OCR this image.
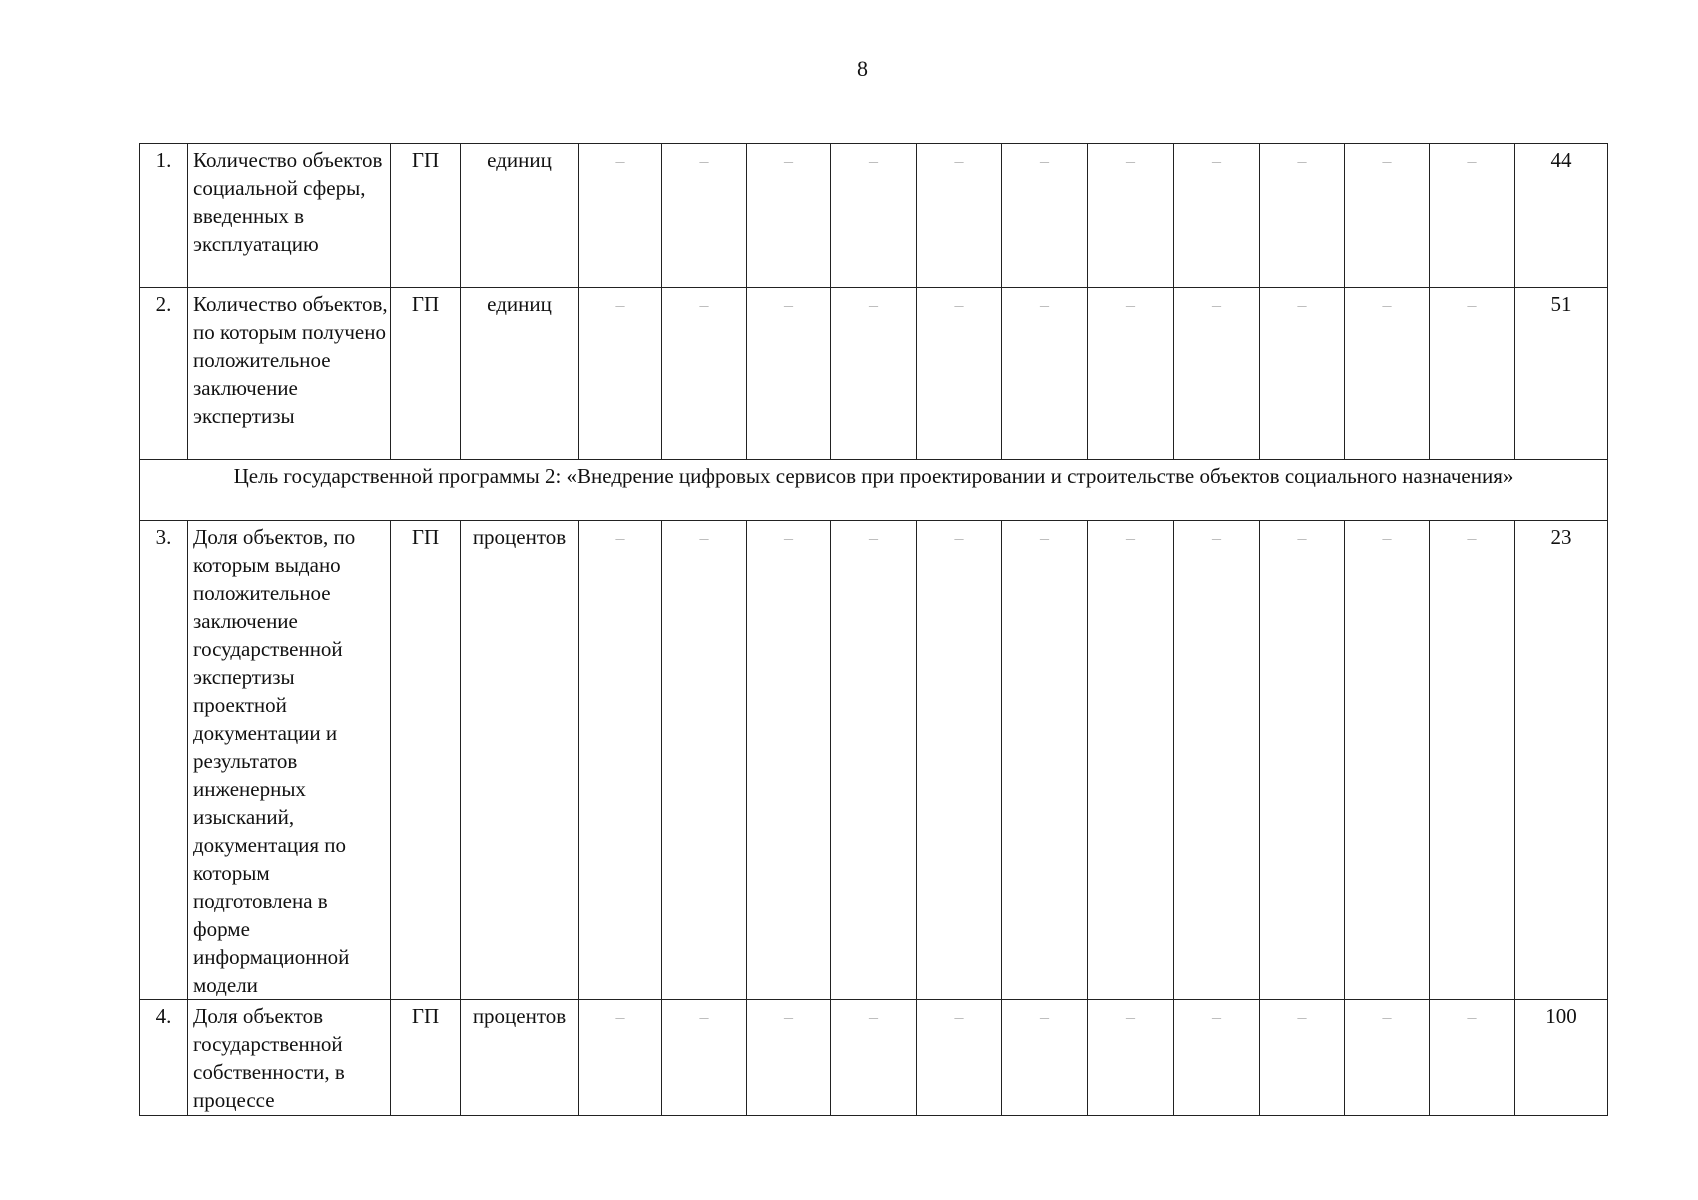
8
1.	Количество объектов социальной сферы, введенных в эксплуатацию	ГП	единиц	–	–	–	–	–	–	–	–	–	–	–	44
2.	Количество объектов, по которым получено положительное заключение экспертизы	ГП	единиц	–	–	–	–	–	–	–	–	–	–	–	51
Цель государственной программы 2: «Внедрение цифровых сервисов при проектировании и строительстве объектов социального назначения»															
3.	Доля объектов, по которым выдано положительное заключение государственной экспертизы проектной документации и результатов инженерных изысканий, документация по которым подготовлена в форме информационной модели	ГП	процентов	–	–	–	–	–	–	–	–	–	–	–	23
4.	Доля объектов государственной собственности, в процессе	ГП	процентов	–	–	–	–	–	–	–	–	–	–	–	100
